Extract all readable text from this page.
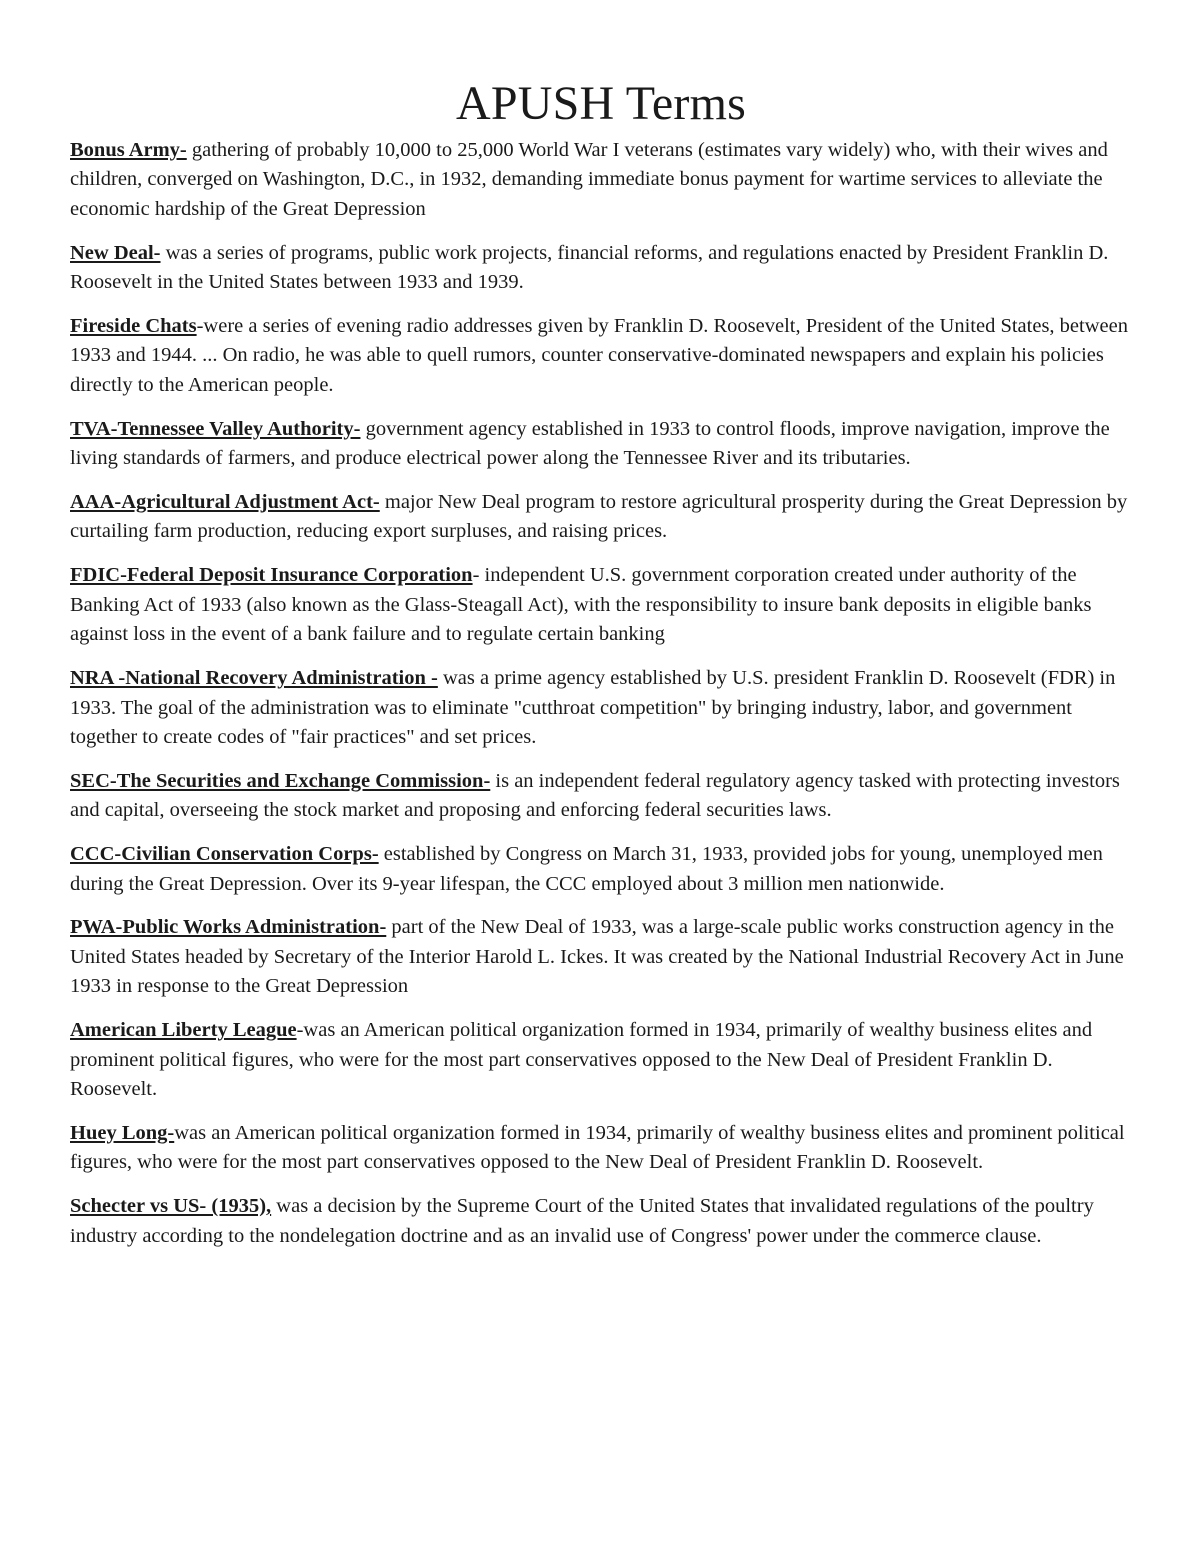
APUSH Terms

Bonus Army- gathering of probably 10,000 to 25,000 World War I veterans (estimates vary widely) who, with their wives and children, converged on Washington, D.C., in 1932, demanding immediate bonus payment for wartime services to alleviate the economic hardship of the Great Depression

New Deal- was a series of programs, public work projects, financial reforms, and regulations enacted by President Franklin D. Roosevelt in the United States between 1933 and 1939.

Fireside Chats-were a series of evening radio addresses given by Franklin D. Roosevelt, President of the United States, between 1933 and 1944. ... On radio, he was able to quell rumors, counter conservative-dominated newspapers and explain his policies directly to the American people.

TVA-Tennessee Valley Authority- government agency established in 1933 to control floods, improve navigation, improve the living standards of farmers, and produce electrical power along the Tennessee River and its tributaries.

AAA-Agricultural Adjustment Act- major New Deal program to restore agricultural prosperity during the Great Depression by curtailing farm production, reducing export surpluses, and raising prices.

FDIC-Federal Deposit Insurance Corporation- independent U.S. government corporation created under authority of the Banking Act of 1933 (also known as the Glass-Steagall Act), with the responsibility to insure bank deposits in eligible banks against loss in the event of a bank failure and to regulate certain banking

NRA -National Recovery Administration - was a prime agency established by U.S. president Franklin D. Roosevelt (FDR) in 1933. The goal of the administration was to eliminate "cutthroat competition" by bringing industry, labor, and government together to create codes of "fair practices" and set prices.

SEC-The Securities and Exchange Commission- is an independent federal regulatory agency tasked with protecting investors and capital, overseeing the stock market and proposing and enforcing federal securities laws.

CCC-Civilian Conservation Corps- established by Congress on March 31, 1933, provided jobs for young, unemployed men during the Great Depression. Over its 9-year lifespan, the CCC employed about 3 million men nationwide.

PWA-Public Works Administration- part of the New Deal of 1933, was a large-scale public works construction agency in the United States headed by Secretary of the Interior Harold L. Ickes. It was created by the National Industrial Recovery Act in June 1933 in response to the Great Depression

American Liberty League-was an American political organization formed in 1934, primarily of wealthy business elites and prominent political figures, who were for the most part conservatives opposed to the New Deal of President Franklin D. Roosevelt.

Huey Long-was an American political organization formed in 1934, primarily of wealthy business elites and prominent political figures, who were for the most part conservatives opposed to the New Deal of President Franklin D. Roosevelt.

Schecter vs US- (1935), was a decision by the Supreme Court of the United States that invalidated regulations of the poultry industry according to the nondelegation doctrine and as an invalid use of Congress' power under the commerce clause.
